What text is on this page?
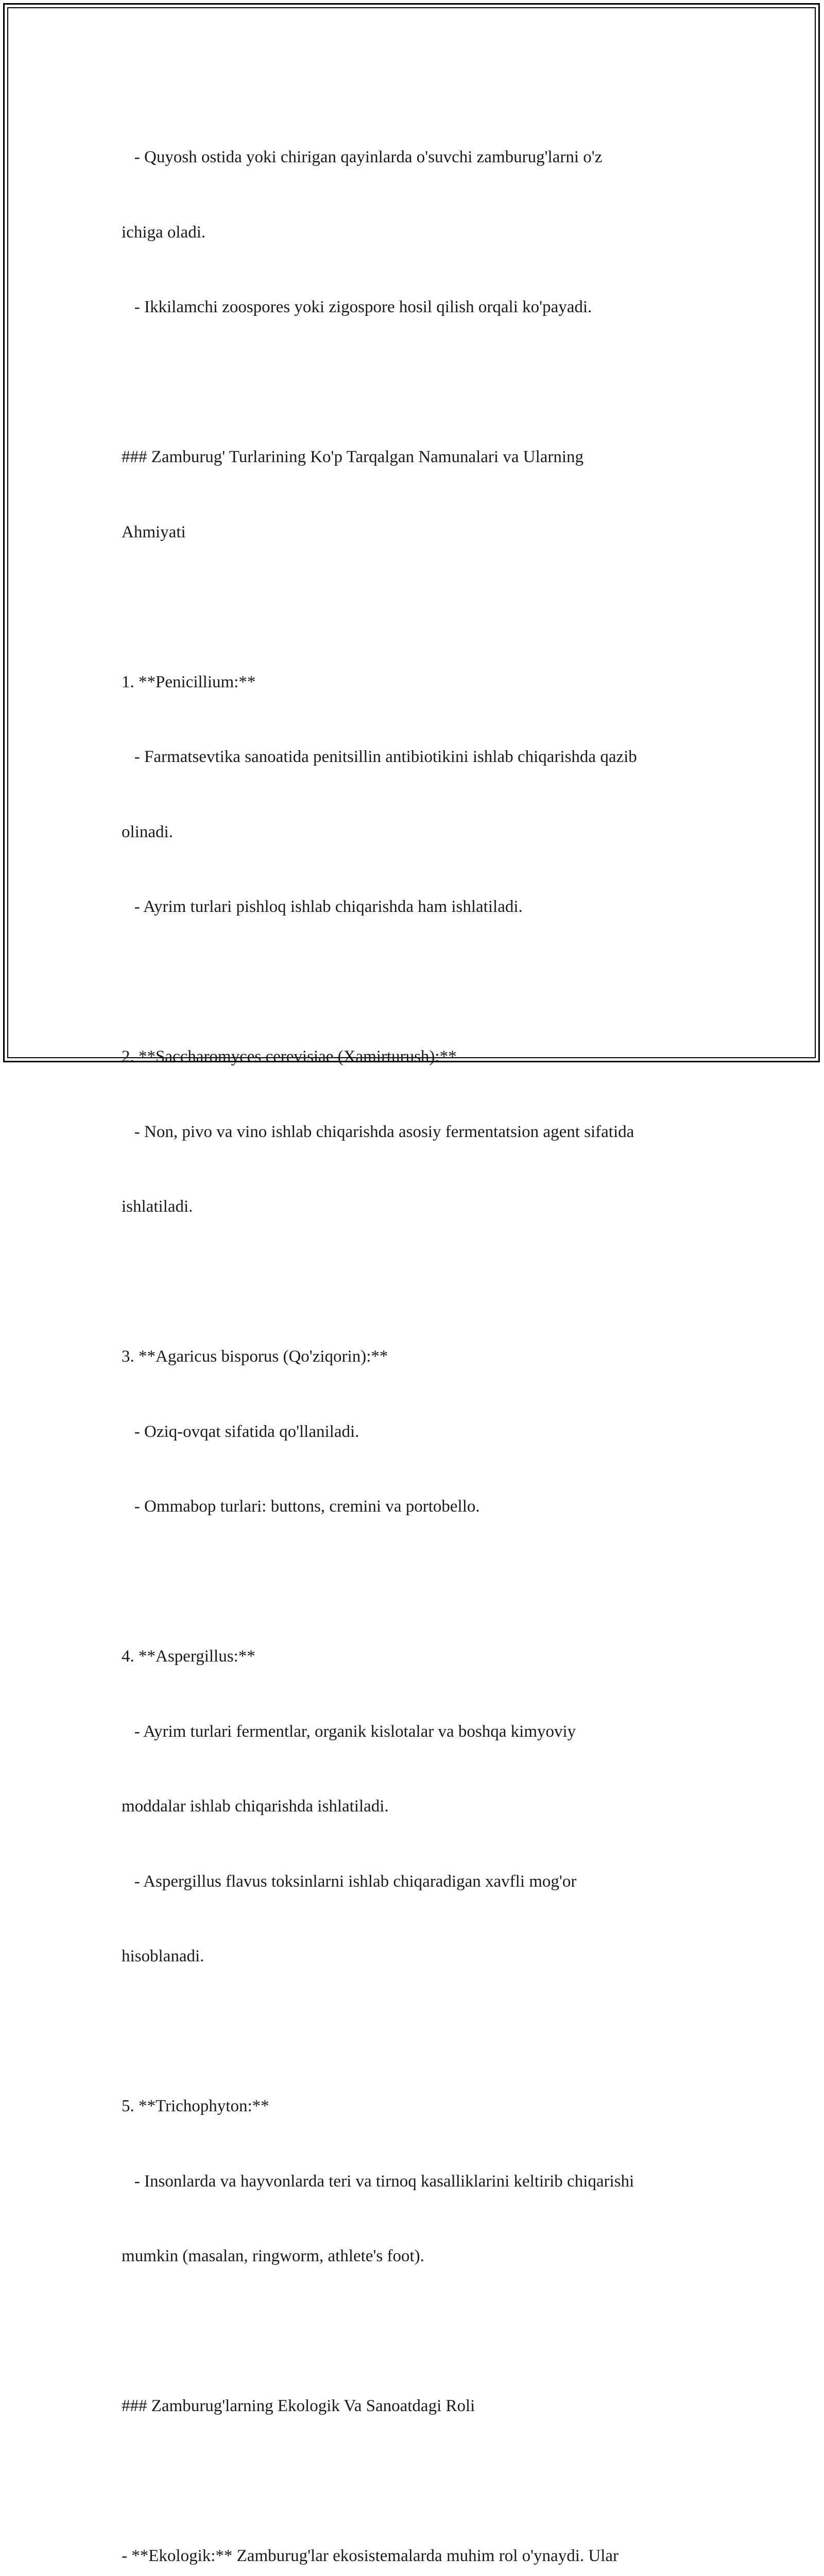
- Quyosh ostida yoki chirigan qayinlarda o'suvchi zamburug'larni o'z

ichiga oladi.

- Ikkilamchi zoospores yoki zigospore hosil qilish orqali ko'payadi.

### Zamburug' Turlarining Ko'p Tarqalgan Namunalari va Ularning

Ahmiyati

1. **Penicillium:**

- Farmatsevtika sanoatida penitsillin antibiotikini ishlab chiqarishda qazib

olinadi.

- Ayrim turlari pishloq ishlab chiqarishda ham ishlatiladi.

2. **Saccharomyces cerevisiae (Xamirturush):**

- Non, pivo va vino ishlab chiqarishda asosiy fermentatsion agent sifatida

ishlatiladi.

3. **Agaricus bisporus (Qo'ziqorin):**

- Oziq-ovqat sifatida qo'llaniladi.

- Ommabop turlari: buttons, cremini va portobello.

4. **Aspergillus:**

- Ayrim turlari fermentlar, organik kislotalar va boshqa kimyoviy

moddalar ishlab chiqarishda ishlatiladi.

- Aspergillus flavus toksinlarni ishlab chiqaradigan xavfli mog'or

hisoblanadi.

5. **Trichophyton:**

- Insonlarda va hayvonlarda teri va tirnoq kasalliklarini keltirib chiqarishi

mumkin (masalan, ringworm, athlete's foot).

### Zamburug'larning Ekologik Va Sanoatdagi Roli

- **Ekologik:** Zamburug'lar ekosistemalarda muhim rol o'ynaydi. Ular
